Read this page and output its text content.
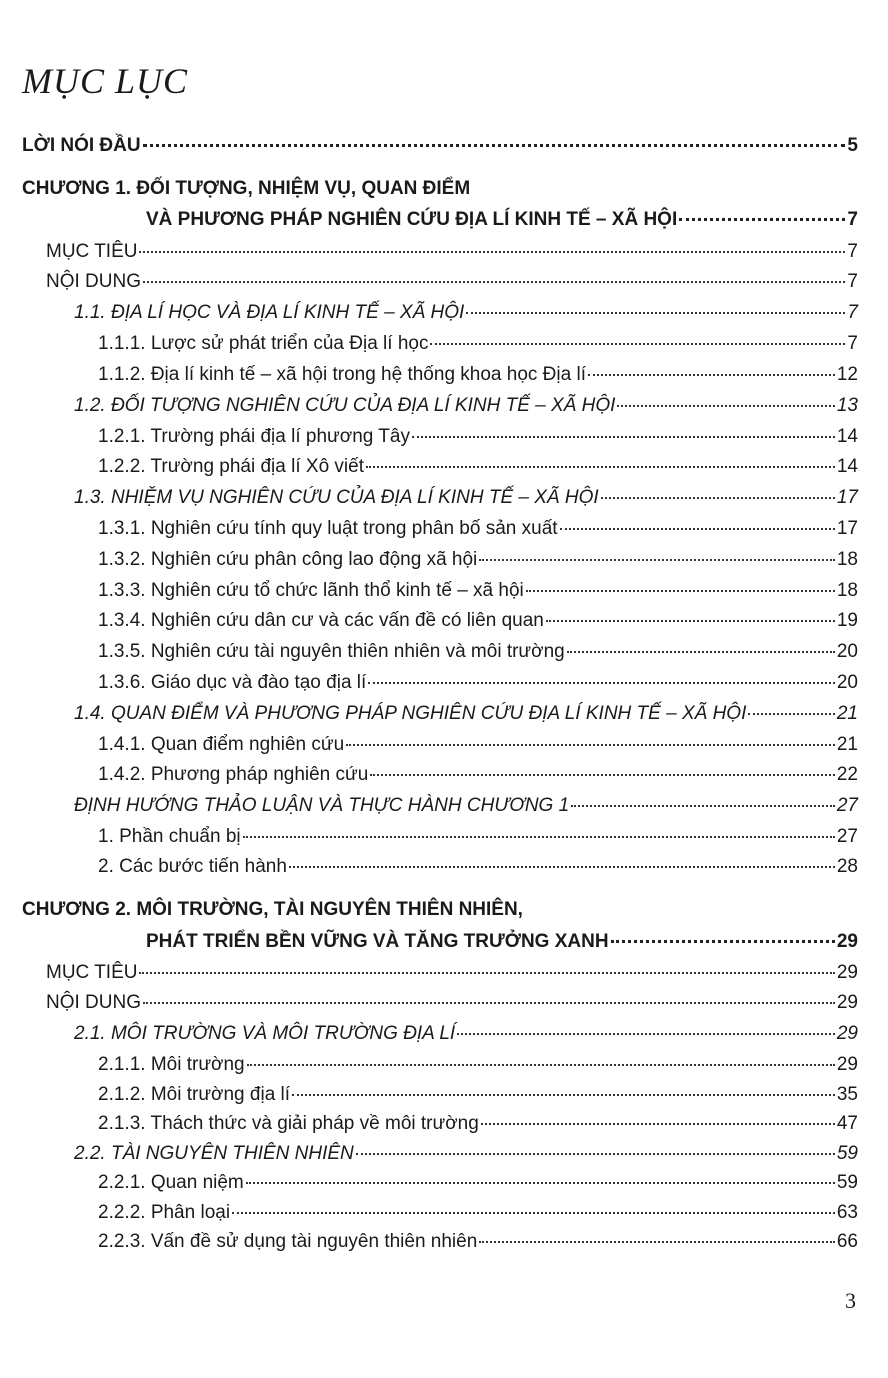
MỤC LỤC
LỜI NÓI ĐẦU	5
CHƯƠNG 1. ĐỐI TƯỢNG, NHIỆM VỤ, QUAN ĐIỂM
VÀ PHƯƠNG PHÁP NGHIÊN CỨU ĐỊA LÍ KINH TẾ – XÃ HỘI	7
MỤC TIÊU	7
NỘI DUNG	7
1.1. ĐỊA LÍ HỌC VÀ ĐỊA LÍ KINH TẾ – XÃ HỘI	7
1.1.1. Lược sử phát triển của Địa lí học	7
1.1.2. Địa lí kinh tế – xã hội trong hệ thống khoa học Địa lí	12
1.2. ĐỐI TƯỢNG NGHIÊN CỨU CỦA ĐỊA LÍ KINH TẾ – XÃ HỘI	13
1.2.1. Trường phái địa lí phương Tây	14
1.2.2. Trường phái địa lí Xô viết	14
1.3. NHIỆM VỤ NGHIÊN CỨU CỦA ĐỊA LÍ KINH TẾ – XÃ HỘI	17
1.3.1. Nghiên cứu tính quy luật trong phân bố sản xuất	17
1.3.2. Nghiên cứu phân công lao động xã hội	18
1.3.3. Nghiên cứu tổ chức lãnh thổ kinh tế – xã hội	18
1.3.4. Nghiên cứu dân cư và các vấn đề có liên quan	19
1.3.5. Nghiên cứu tài nguyên thiên nhiên và môi trường	20
1.3.6. Giáo dục và đào tạo địa lí	20
1.4. QUAN ĐIỂM VÀ PHƯƠNG PHÁP NGHIÊN CỨU ĐỊA LÍ KINH TẾ – XÃ HỘI	21
1.4.1. Quan điểm nghiên cứu	21
1.4.2. Phương pháp nghiên cứu	22
ĐỊNH HƯỚNG THẢO LUẬN VÀ THỰC HÀNH CHƯƠNG 1	27
1. Phần chuẩn bị	27
2. Các bước tiến hành	28
CHƯƠNG 2. MÔI TRƯỜNG, TÀI NGUYÊN THIÊN NHIÊN,
PHÁT TRIỂN BỀN VỮNG VÀ TĂNG TRƯỞNG XANH	29
MỤC TIÊU	29
NỘI DUNG	29
2.1. MÔI TRƯỜNG VÀ MÔI TRƯỜNG ĐỊA LÍ	29
2.1.1. Môi trường	29
2.1.2. Môi trường địa lí	35
2.1.3. Thách thức và giải pháp về môi trường	47
2.2. TÀI NGUYÊN THIÊN NHIÊN	59
2.2.1. Quan niệm	59
2.2.2. Phân loại	63
2.2.3. Vấn đề sử dụng tài nguyên thiên nhiên	66
3
